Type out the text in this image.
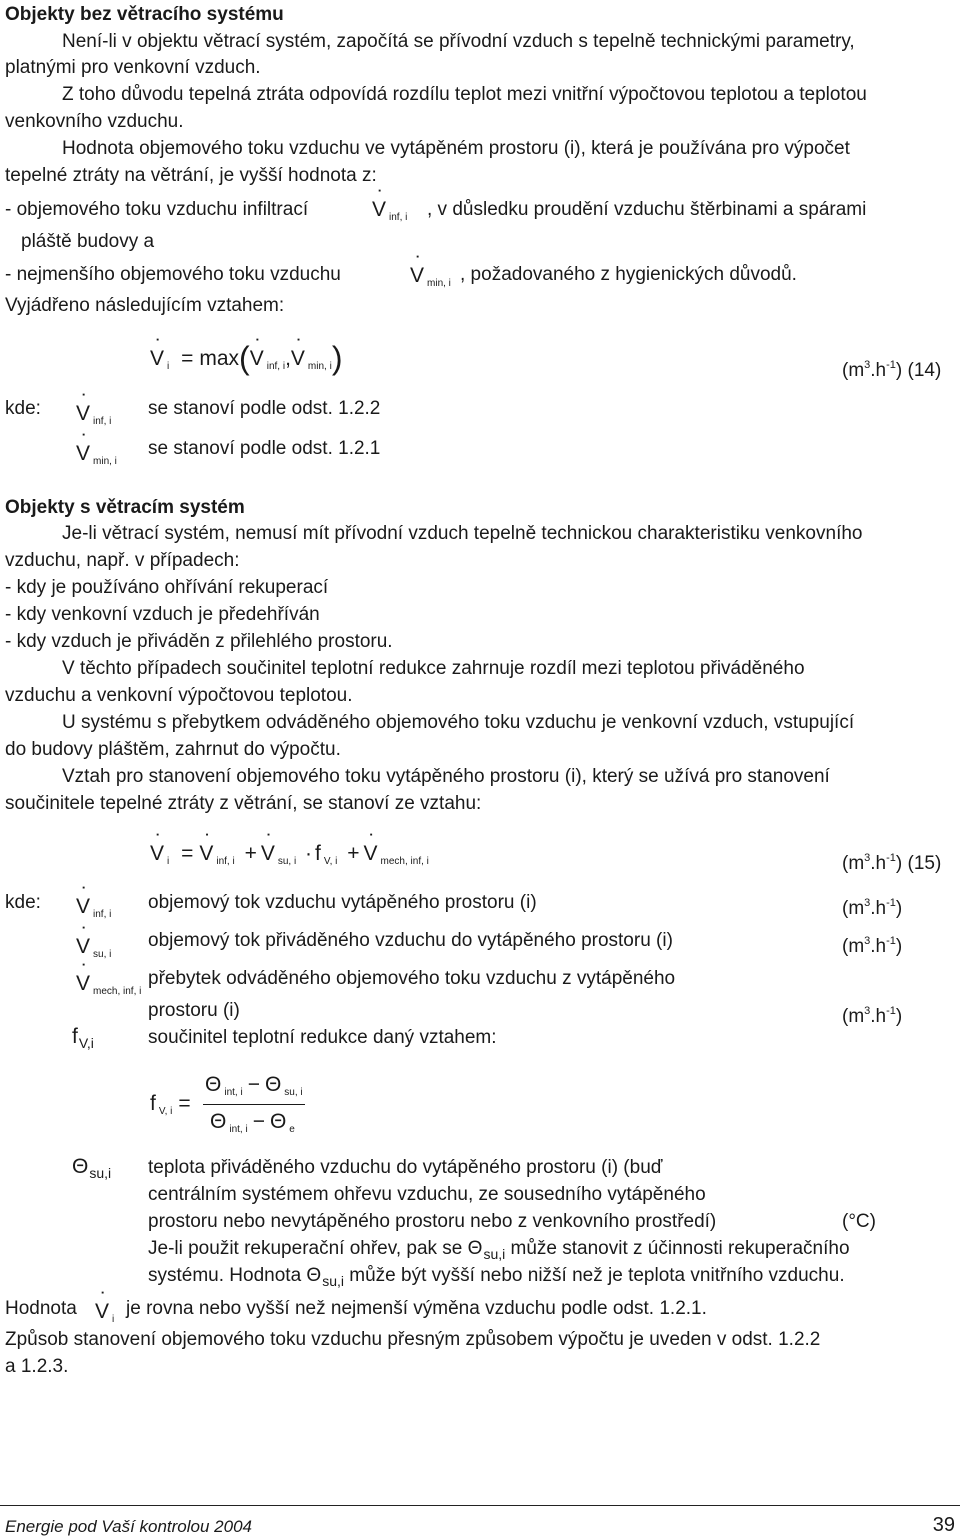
Objekty bez větracího systému
Není-li v objektu větrací systém, započítá se přívodní vzduch s tepelně technickými parametry,
platnými pro venkovní vzduch.
Z toho důvodu tepelná ztráta odpovídá rozdílu teplot mezi vnitřní výpočtovou teplotou a teplotou
venkovního vzduchu.
Hodnota objemového toku vzduchu ve vytápěném prostoru (i), která je používána pro výpočet
tepelné ztráty na větrání, je vyšší hodnota z:
- objemového toku vzduchu infiltrací	˙ V $_{inf, i}$ , v důsledku proudění vzduchu štěrbinami a spárami
pláště budovy a
- nejmenšího objemového toku vzduchu	˙ V $_{min, i}$ , požadovaného z hygienických důvodů.
Vyjádřeno následujícím vztahem:
˙ V $_i$ = max(˙ V $_{inf, i}$,˙ V $_{min, i}$)	$(m^3.h^{-1})$ (14)
kde: ˙ V $_{inf, i}$
se stanoví podle odst. 1.2.2
˙ V $_{min, i}$
se stanoví podle odst. 1.2.1
Objekty s větracím systém
Je-li větrací systém, nemusí mít přívodní vzduch tepelně technickou charakteristiku venkovního
vzduchu, např. v případech:
- kdy je používáno ohřívání rekuperací
- kdy venkovní vzduch je předehříván
- kdy vzduch je přiváděn z přilehlého prostoru.
V těchto případech součinitel teplotní redukce zahrnuje rozdíl mezi teplotou přiváděného
vzduchu a venkovní výpočtovou teplotou.
U systému s přebytkem odváděného objemového toku vzduchu je venkovní vzduch, vstupující
do budovy pláštěm, zahrnut do výpočtu.
Vztah pro stanovení objemového toku vytápěného prostoru (i), který se užívá pro stanovení
součinitele tepelné ztráty z větrání, se stanoví ze vztahu:
˙ V $_i$ = ˙ V $_{inf, i}$ + ˙ V $_{su, i}$ · f $_{V, i}$ + ˙ V $_{mech, inf, i}$	$(m^3.h^{-1})$ (15)
kde: ˙ V $_{inf, i}$
objemový tok vzduchu vytápěného prostoru (i)	$(m^3.h^{-1})$
˙ V $_{su, i}$
objemový tok přiváděného vzduchu do vytápěného prostoru (i)	$(m^3.h^{-1})$
˙ V $_{mech, inf, i}$
přebytek odváděného objemového toku vzduchu z vytápěného
prostoru (i)	$(m^3.h^{-1})$
$f_{V,i}$	součinitel teplotní redukce daný vztahem:
f $_{V, i}$ =
Θ $_{int, i}$ − Θ $_{su, i}$
Θ $_{int, i}$ − Θ $_e$
$\Theta_{su,i}$ teplota přiváděného vzduchu do vytápěného prostoru (i) (buď
centrálním systémem ohřevu vzduchu, ze sousedního vytápěného
prostoru nebo nevytápěného prostoru nebo z venkovního prostředí)	(°C)
Je-li použit rekuperační ohřev, pak se $\Theta_{su,i}$ může stanovit z účinnosti rekuperačního
systému. Hodnota $\Theta_{su,i}$ může být vyšší nebo nižší než je teplota vnitřního vzduchu.
Hodnota ˙ V $_i$
je rovna nebo vyšší než nejmenší výměna vzduchu podle odst. 1.2.1.
Způsob stanovení objemového toku vzduchu přesným způsobem výpočtu je uveden v odst. 1.2.2
a 1.2.3.
Energie pod Vaší kontrolou 2004	39
